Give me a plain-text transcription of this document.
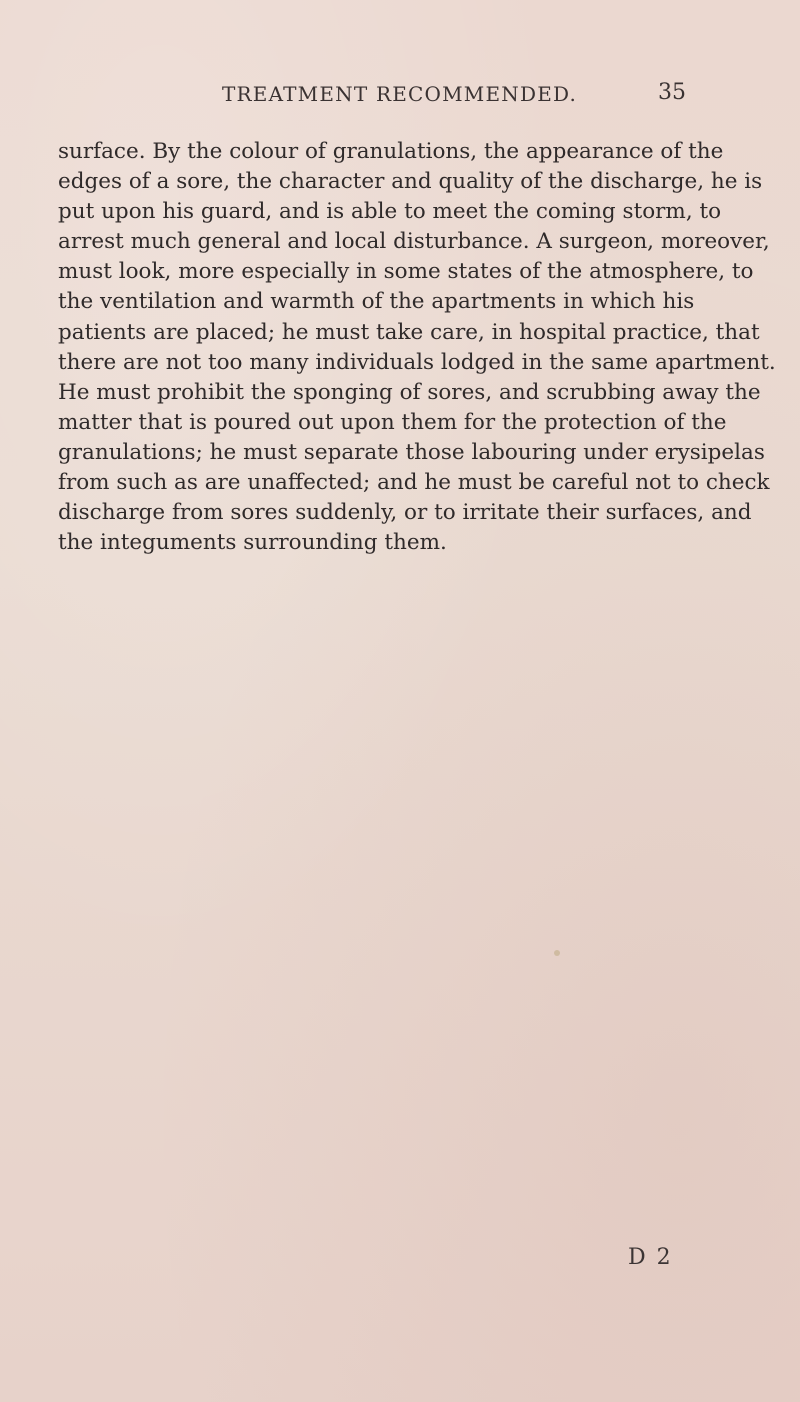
TREATMENT RECOMMENDED.	35
surface. By the colour of granulations, the appearance of the
edges of a sore, the character and quality of the discharge, he is
put upon his guard, and is able to meet the coming storm, to
arrest much general and local disturbance. A surgeon, moreover,
must look, more especially in some states of the atmosphere, to
the ventilation and warmth of the apartments in which his
patients are placed; he must take care, in hospital practice, that
there are not too many individuals lodged in the same apartment.
He must prohibit the sponging of sores, and scrubbing away the
matter that is poured out upon them for the protection of the
granulations; he must separate those labouring under erysipelas
from such as are unaffected; and he must be careful not to check
discharge from sores suddenly, or to irritate their surfaces, and
the integuments surrounding them.
D 2
